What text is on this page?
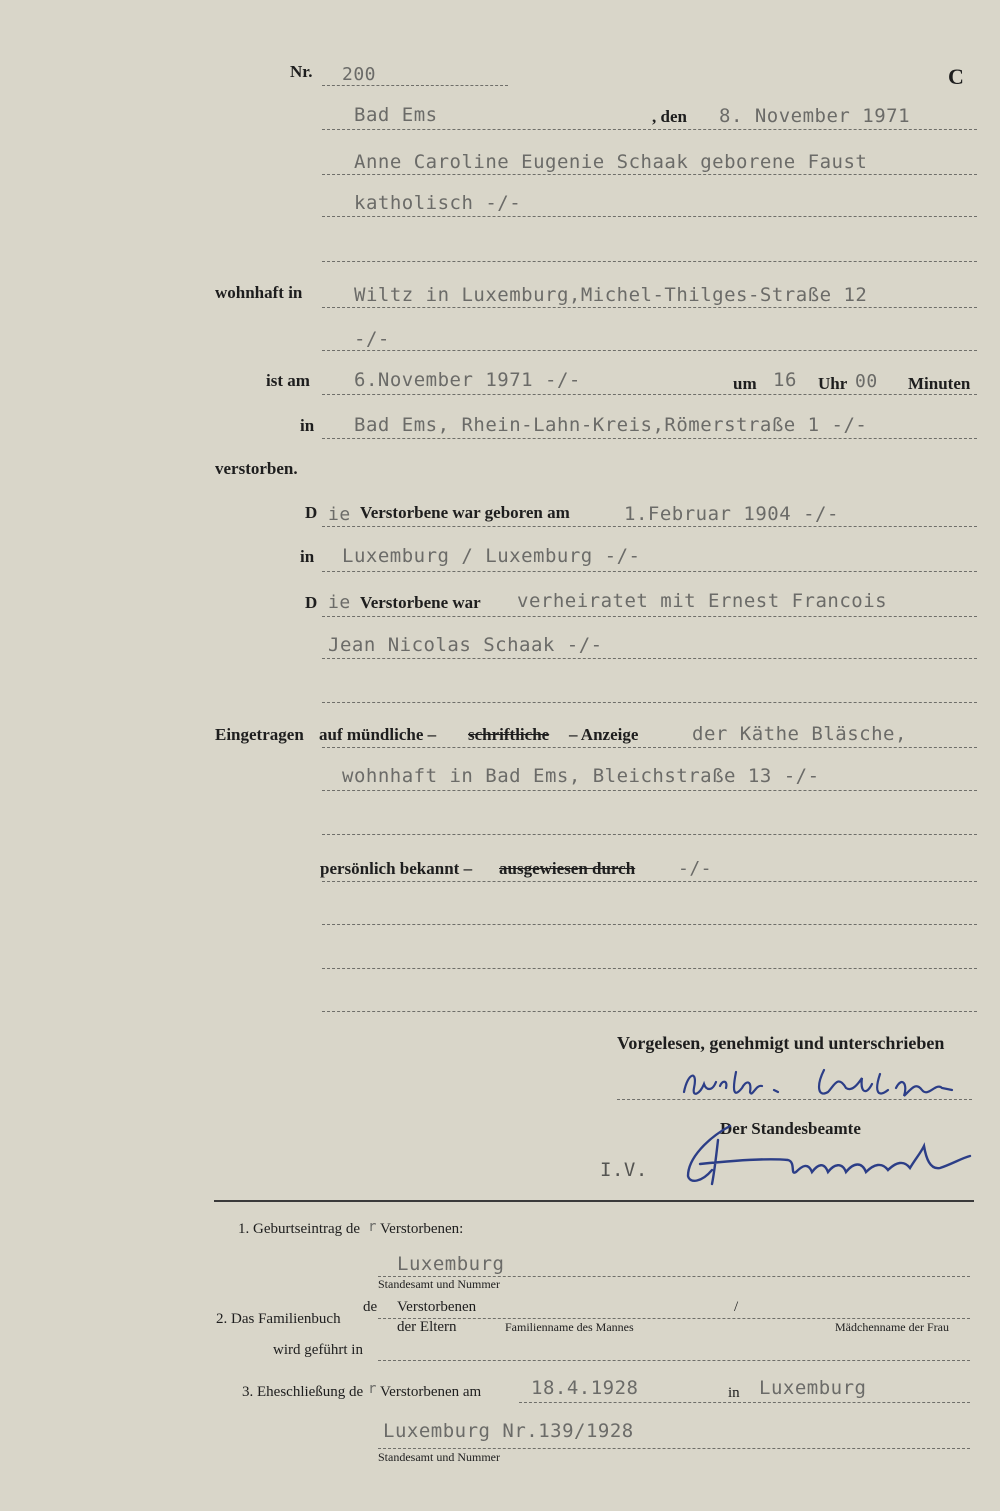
Nr. 200	C
Bad Ems	, den 8. November 1971
Anne Caroline Eugenie Schaak geborene Faust
katholisch -/-
wohnhaft in	Wiltz in Luxemburg,Michel-Thilges-Straße 12
-/-
ist am 6.November 1971 -/-	um 16 Uhr 00 Minuten
in Bad Ems, Rhein-Lahn-Kreis,Römerstraße 1 -/-
verstorben.
D ie Verstorbene war geboren am	1.Februar 1904 -/-
in Luxemburg / Luxemburg -/-
D ie Verstorbene war verheiratet mit Ernest Francois
Jean Nicolas Schaak -/-
Eingetragen auf mündliche – schriftliche – Anzeige	der Käthe Bläsche,
wohnhaft in Bad Ems, Bleichstraße 13 -/-
persönlich bekannt – ausgewiesen durch -/-
Vorgelesen, genehmigt und unterschrieben
Der Standesbeamte
I.V.
1. Geburtseintrag de r Verstorbenen:
Luxemburg
Standesamt und Nummer
2. Das Familienbuch
de Verstorbenen
der Eltern
/
Familienname des Mannes	Mädchenname der Frau
wird geführt in
3. Eheschließung de r Verstorbenen am	18.4.1928	in Luxemburg
Luxemburg Nr.139/1928
Standesamt und Nummer
